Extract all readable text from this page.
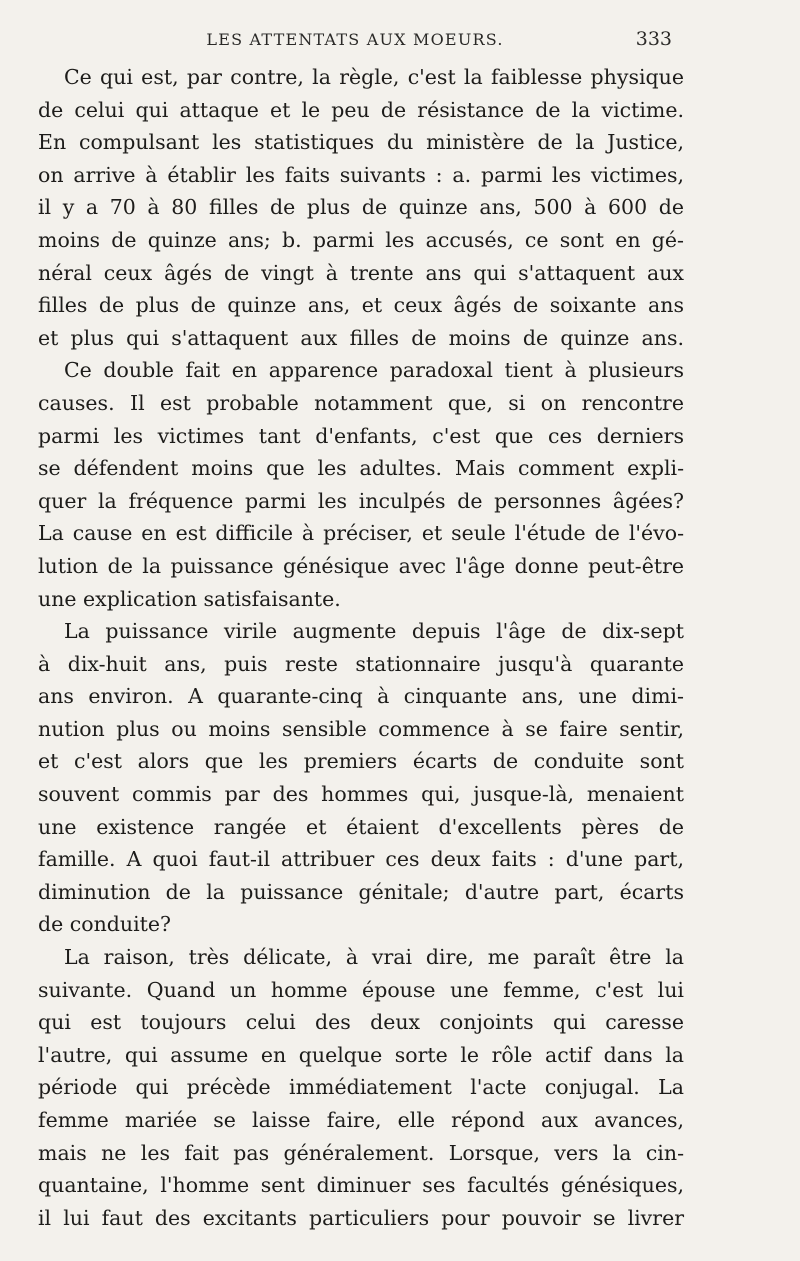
LES ATTENTATS AUX MOEURS.	333
Ce qui est, par contre, la règle, c'est la faiblesse physique
de celui qui attaque et le peu de résistance de la victime.
En compulsant les statistiques du ministère de la Justice,
on arrive à établir les faits suivants : a. parmi les victimes,
il y a 70 à 80 filles de plus de quinze ans, 500 à 600 de
moins de quinze ans; b. parmi les accusés, ce sont en gé-
néral ceux âgés de vingt à trente ans qui s'attaquent aux
filles de plus de quinze ans, et ceux âgés de soixante ans
et plus qui s'attaquent aux filles de moins de quinze ans.
Ce double fait en apparence paradoxal tient à plusieurs
causes. Il est probable notamment que, si on rencontre
parmi les victimes tant d'enfants, c'est que ces derniers
se défendent moins que les adultes. Mais comment expli-
quer la fréquence parmi les inculpés de personnes âgées?
La cause en est difficile à préciser, et seule l'étude de l'évo-
lution de la puissance génésique avec l'âge donne peut-être
une explication satisfaisante.
La puissance virile augmente depuis l'âge de dix-sept
à dix-huit ans, puis reste stationnaire jusqu'à quarante
ans environ. A quarante-cinq à cinquante ans, une dimi-
nution plus ou moins sensible commence à se faire sentir,
et c'est alors que les premiers écarts de conduite sont
souvent commis par des hommes qui, jusque-là, menaient
une existence rangée et étaient d'excellents pères de
famille. A quoi faut-il attribuer ces deux faits : d'une part,
diminution de la puissance génitale; d'autre part, écarts
de conduite?
La raison, très délicate, à vrai dire, me paraît être la
suivante. Quand un homme épouse une femme, c'est lui
qui est toujours celui des deux conjoints qui caresse
l'autre, qui assume en quelque sorte le rôle actif dans la
période qui précède immédiatement l'acte conjugal. La
femme mariée se laisse faire, elle répond aux avances,
mais ne les fait pas généralement. Lorsque, vers la cin-
quantaine, l'homme sent diminuer ses facultés génésiques,
il lui faut des excitants particuliers pour pouvoir se livrer
